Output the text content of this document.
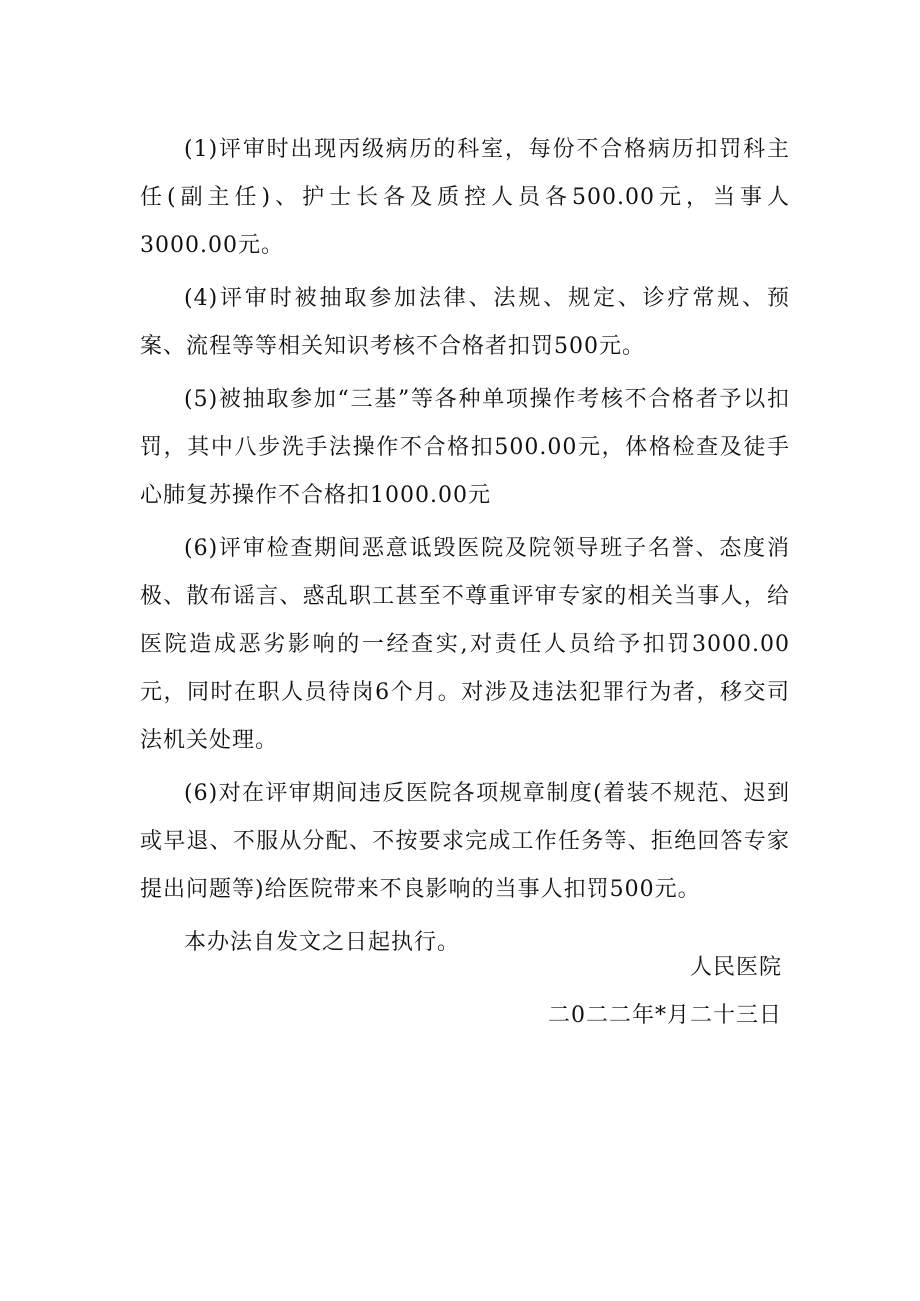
(1)评审时出现丙级病历的科室，每份不合格病历扣罚科主任(副主任)、护士长各及质控人员各500.00元，当事人3000.00元。

(4)评审时被抽取参加法律、法规、规定、诊疗常规、预案、流程等等相关知识考核不合格者扣罚500元。

(5)被抽取参加“三基”等各种单项操作考核不合格者予以扣罚，其中八步洗手法操作不合格扣500.00元，体格检查及徒手心肺复苏操作不合格扣1000.00元

(6)评审检查期间恶意诋毁医院及院领导班子名誉、态度消极、散布谣言、惑乱职工甚至不尊重评审专家的相关当事人，给医院造成恶劣影响的一经查实,对责任人员给予扣罚3000.00元，同时在职人员待岗6个月。对涉及违法犯罪行为者，移交司法机关处理。

(6)对在评审期间违反医院各项规章制度(着装不规范、迟到或早退、不服从分配、不按要求完成工作任务等、拒绝回答专家提出问题等)给医院带来不良影响的当事人扣罚500元。

本办法自发文之日起执行。

人民医院
二0二二年*月二十三日
